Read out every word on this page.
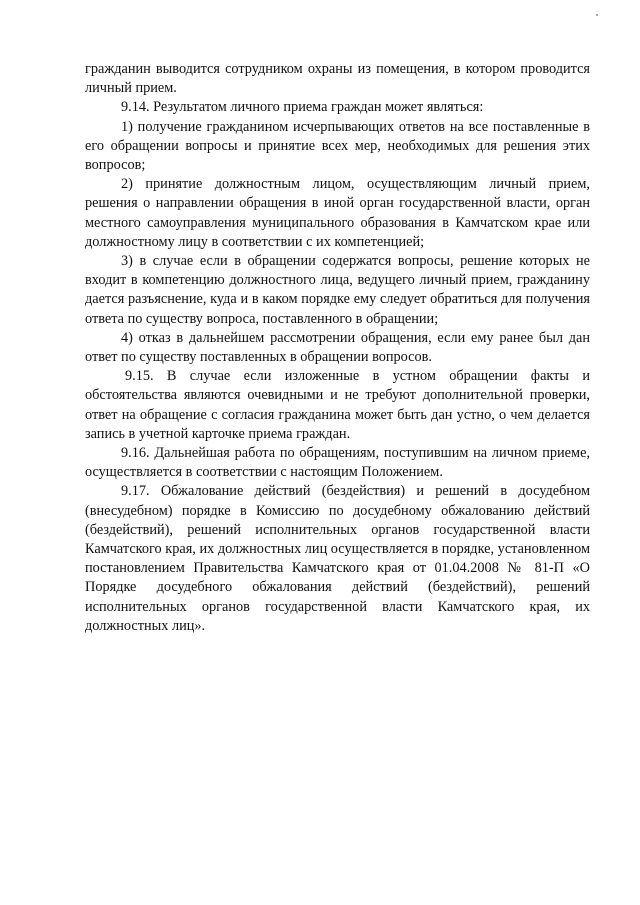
гражданин выводится сотрудником охраны из помещения, в котором проводится личный прием.

9.14. Результатом личного приема граждан может являться:

1) получение гражданином исчерпывающих ответов на все поставленные в его обращении вопросы и принятие всех мер, необходимых для решения этих вопросов;

2) принятие должностным лицом, осуществляющим личный прием, решения о направлении обращения в иной орган государственной власти, орган местного самоуправления муниципального образования в Камчатском крае или должностному лицу в соответствии с их компетенцией;

3) в случае если в обращении содержатся вопросы, решение которых не входит в компетенцию должностного лица, ведущего личный прием, гражданину дается разъяснение, куда и в каком порядке ему следует обратиться для получения ответа по существу вопроса, поставленного в обращении;

4) отказ в дальнейшем рассмотрении обращения, если ему ранее был дан ответ по существу поставленных в обращении вопросов.

9.15. В случае если изложенные в устном обращении факты и обстоятельства являются очевидными и не требуют дополнительной проверки, ответ на обращение с согласия гражданина может быть дан устно, о чем делается запись в учетной карточке приема граждан.

9.16. Дальнейшая работа по обращениям, поступившим на личном приеме, осуществляется в соответствии с настоящим Положением.

9.17. Обжалование действий (бездействия) и решений в досудебном (внесудебном) порядке в Комиссию по досудебному обжалованию действий (бездействий), решений исполнительных органов государственной власти Камчатского края, их должностных лиц осуществляется в порядке, установленном постановлением Правительства Камчатского края от 01.04.2008 № 81-П «О Порядке досудебного обжалования действий (бездействий), решений исполнительных органов государственной власти Камчатского края, их должностных лиц».
